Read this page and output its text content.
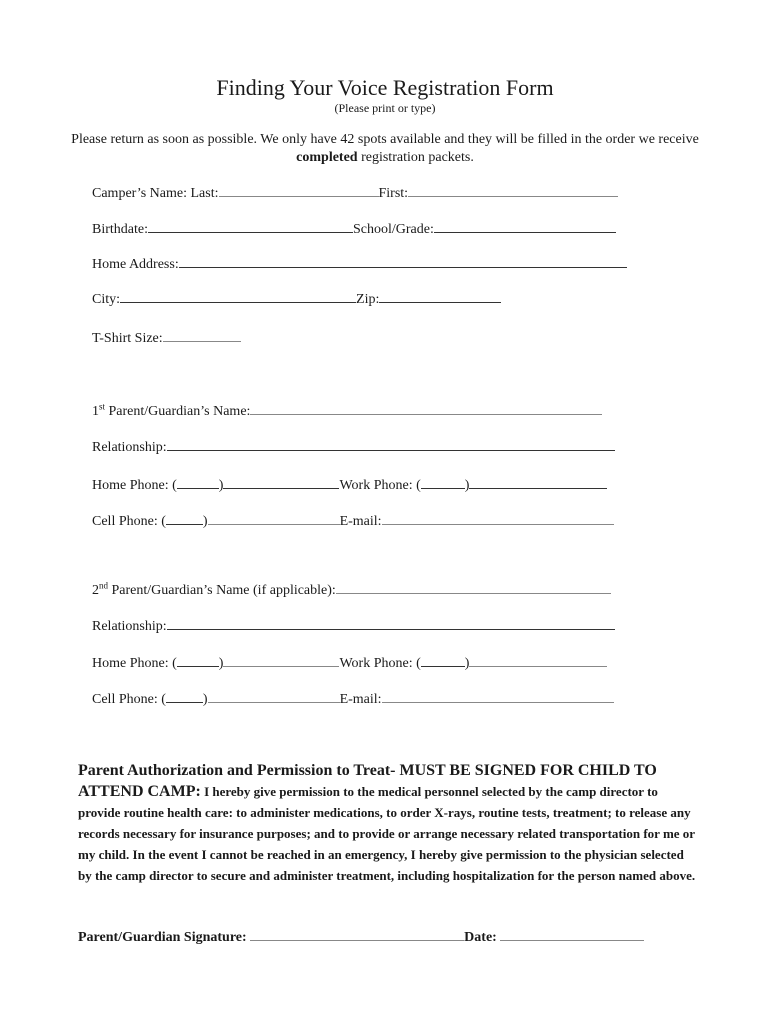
Finding Your Voice Registration Form
(Please print or type)
Please return as soon as possible. We only have 42 spots available and they will be filled in the order we receive completed registration packets.
Camper’s Name: Last:	First:
Birthdate:	School/Grade:
Home Address:
City:	Zip:
T-Shirt Size:
1st Parent/Guardian’s Name:
Relationship:
Home Phone: (	)	Work Phone: (	)
Cell Phone: (	)	E-mail:
2nd Parent/Guardian’s Name (if applicable):
Relationship:
Home Phone: (	)	Work Phone: (	)
Cell Phone: (	)	E-mail:
Parent Authorization and Permission to Treat- MUST BE SIGNED FOR CHILD TO ATTEND CAMP: I hereby give permission to the medical personnel selected by the camp director to provide routine health care: to administer medications, to order X-rays, routine tests, treatment; to release any records necessary for insurance purposes; and to provide or arrange necessary related transportation for me or my child. In the event I cannot be reached in an emergency, I hereby give permission to the physician selected by the camp director to secure and administer treatment, including hospitalization for the person named above.
Parent/Guardian Signature:	Date:
